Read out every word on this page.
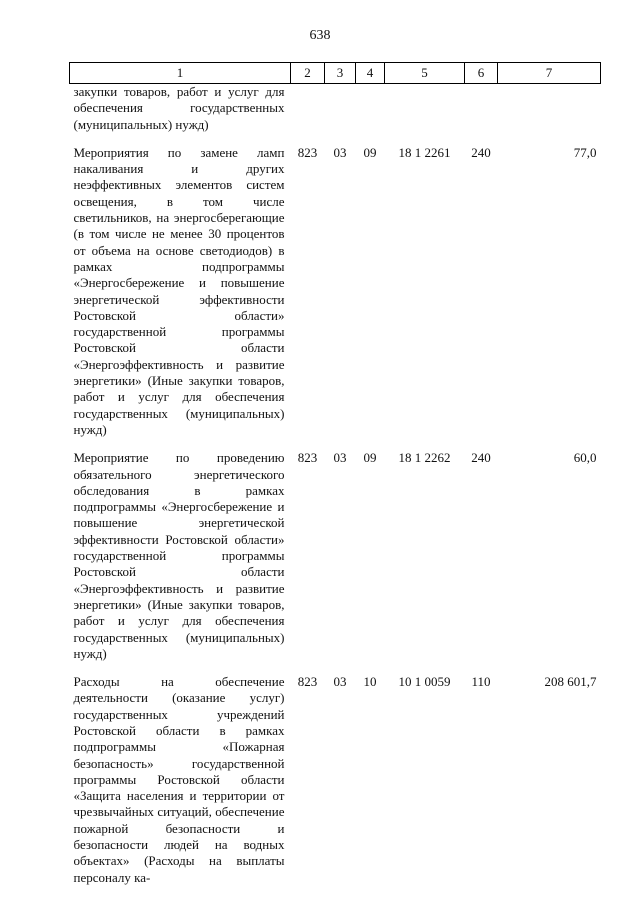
638
1	2	3	4	5	6	7
закупки товаров, работ и услуг для обеспечения государственных (муниципальных) нужд)						
Мероприятия по замене ламп накаливания и других неэффективных элементов систем освещения, в том числе светильников, на энергосберегающие (в том числе не менее 30 процентов от объема на основе светодиодов) в рамках подпрограммы «Энергосбережение и повышение энергетической эффективности Ростовской области» государственной программы Ростовской области «Энергоэффективность и развитие энергетики» (Иные закупки товаров, работ и услуг для обеспечения государственных (муниципальных) нужд)	823	03	09	18 1 2261	240	77,0
Мероприятие по проведению обязательного энергетического обследования в рамках подпрограммы «Энергосбережение и повышение энергетической эффективности Ростовской области» государственной программы Ростовской области «Энергоэффективность и развитие энергетики» (Иные закупки товаров, работ и услуг для обеспечения государственных (муниципальных) нужд)	823	03	09	18 1 2262	240	60,0
Расходы на обеспечение деятельности (оказание услуг) государственных учреждений Ростовской области в рамках подпрограммы «Пожарная безопасность» государственной программы Ростовской области «Защита населения и территории от чрезвычайных ситуаций, обеспечение пожарной безопасности и безопасности людей на водных объектах» (Расходы на выплаты персоналу ка-	823	03	10	10 1 0059	110	208 601,7
